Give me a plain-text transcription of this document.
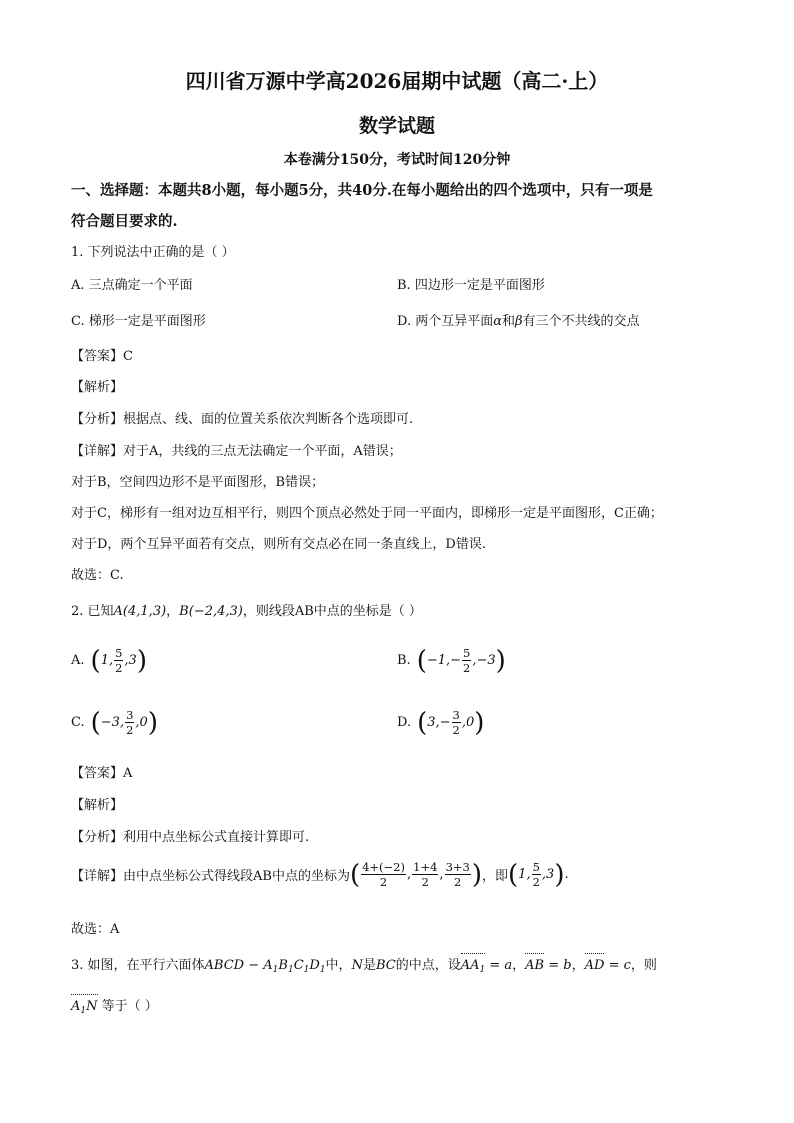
四川省万源中学高2026届期中试题（高二·上）
数学试题
本卷满分150分，考试时间120分钟
一、选择题：本题共8小题，每小题5分，共40分.在每小题给出的四个选项中，只有一项是
符合题目要求的.
1. 下列说法中正确的是（ ）
A. 三点确定一个平面	B. 四边形一定是平面图形
C. 梯形一定是平面图形	D. 两个互异平面α和β有三个不共线的交点
【答案】C
【解析】
【分析】根据点、线、面的位置关系依次判断各个选项即可.
【详解】对于A，共线的三点无法确定一个平面，A错误；
对于B，空间四边形不是平面图形，B错误；
对于C，梯形有一组对边互相平行，则四个顶点必然处于同一平面内，即梯形一定是平面图形，C正确；
对于D，两个互异平面若有交点，则所有交点必在同一条直线上，D错误.
故选：C.
2. 已知A(4,1,3)，B(−2,4,3)，则线段AB中点的坐标是（ ）
A. ( 1, $\frac{5}{2} ,3$ )	B. ( $-1,- \frac{5}{2} ,-3$ )
C. ( −3, $\frac{3}{2} ,0$ )	D. ( $3,- \frac{3}{2} ,0$ )
【答案】A
【解析】
【分析】利用中点坐标公式直接计算即可.
【详解】由中点坐标公式得线段AB中点的坐标为 ( $\frac{4+(-2)}{2}$ , $\frac{1+4}{2}$ , $\frac{3+3}{2}$ ) ，即 ( 1, $\frac{5}{2} ,3$ ) .
故选：A
3. 如图，在平行六面体ABCD − $A_1B_1C_1D_1$中，N是BC的中点，设$AA_1 = a$，AB = b，AD = c，则
$A_1N$ 等于（ ）
